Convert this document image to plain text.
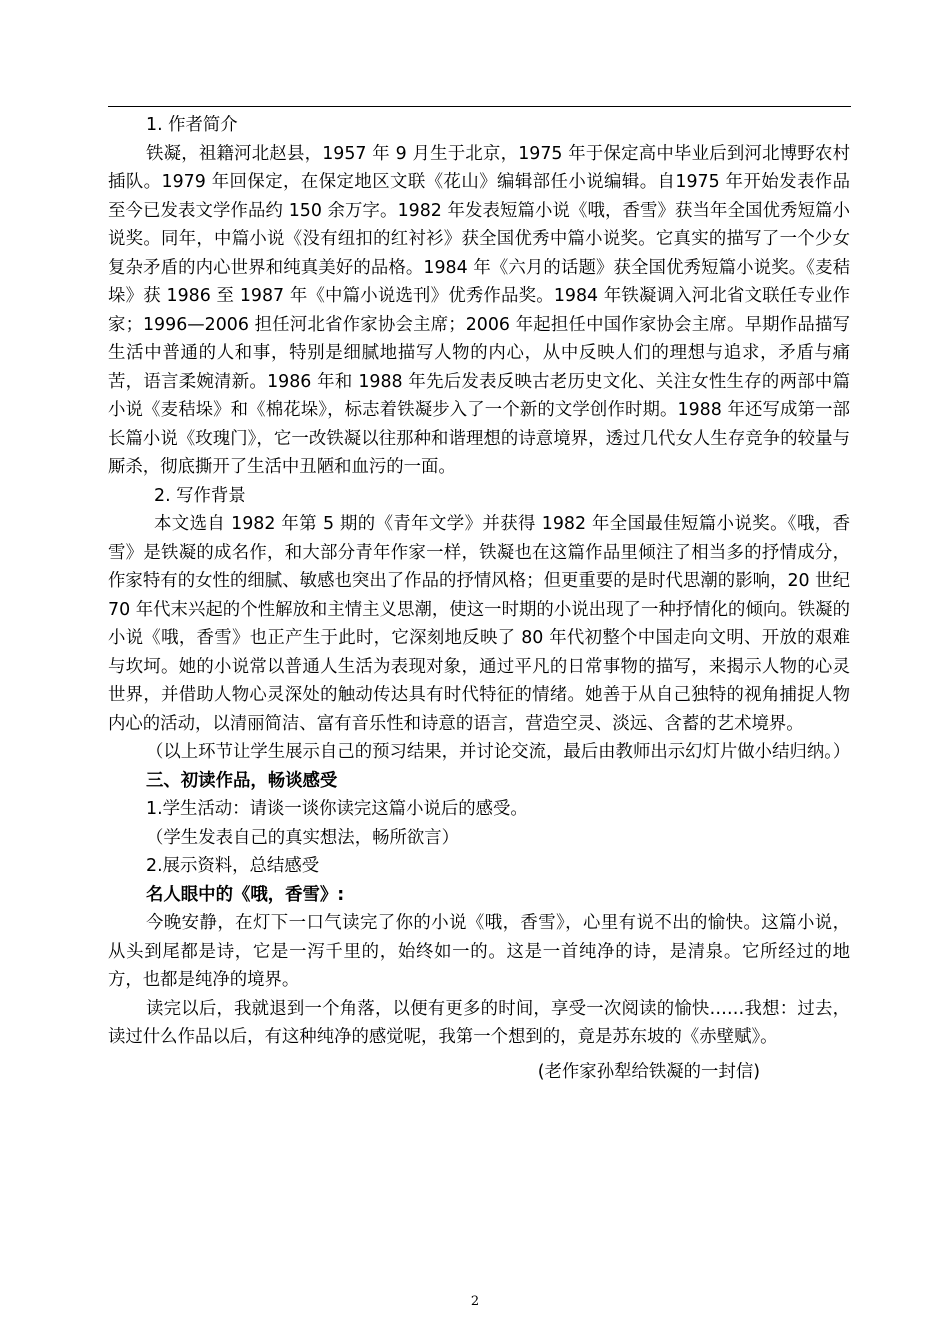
1. 作者简介

铁凝，祖籍河北赵县，1957 年 9 月生于北京，1975 年于保定高中毕业后到河北博野农村插队。1979 年回保定，在保定地区文联《花山》编辑部任小说编辑。自1975 年开始发表作品至今已发表文学作品约 150 余万字。1982 年发表短篇小说《哦，香雪》获当年全国优秀短篇小说奖。同年，中篇小说《没有纽扣的红衬衫》获全国优秀中篇小说奖。它真实的描写了一个少女复杂矛盾的内心世界和纯真美好的品格。1984 年《六月的话题》获全国优秀短篇小说奖。《麦秸垛》获 1986 至 1987 年《中篇小说选刊》优秀作品奖。1984 年铁凝调入河北省文联任专业作家；1996—2006 担任河北省作家协会主席；2006 年起担任中国作家协会主席。早期作品描写生活中普通的人和事，特别是细腻地描写人物的内心，从中反映人们的理想与追求，矛盾与痛苦，语言柔婉清新。1986 年和 1988 年先后发表反映古老历史文化、关注女性生存的两部中篇小说《麦秸垛》和《棉花垛》，标志着铁凝步入了一个新的文学创作时期。1988 年还写成第一部长篇小说《玫瑰门》，它一改铁凝以往那种和谐理想的诗意境界，透过几代女人生存竞争的较量与厮杀，彻底撕开了生活中丑陋和血污的一面。

2. 写作背景

本文选自 1982 年第 5 期的《青年文学》并获得 1982 年全国最佳短篇小说奖。《哦，香雪》是铁凝的成名作，和大部分青年作家一样，铁凝也在这篇作品里倾注了相当多的抒情成分，作家特有的女性的细腻、敏感也突出了作品的抒情风格；但更重要的是时代思潮的影响，20 世纪 70 年代末兴起的个性解放和主情主义思潮，使这一时期的小说出现了一种抒情化的倾向。铁凝的小说《哦，香雪》也正产生于此时，它深刻地反映了 80 年代初整个中国走向文明、开放的艰难与坎坷。她的小说常以普通人生活为表现对象，通过平凡的日常事物的描写，来揭示人物的心灵世界，并借助人物心灵深处的触动传达具有时代特征的情绪。她善于从自己独特的视角捕捉人物内心的活动，以清丽简洁、富有音乐性和诗意的语言，营造空灵、淡远、含蓄的艺术境界。

（以上环节让学生展示自己的预习结果，并讨论交流，最后由教师出示幻灯片做小结归纳。）

三、初读作品，畅谈感受

1.学生活动：请谈一谈你读完这篇小说后的感受。

（学生发表自己的真实想法，畅所欲言）

2.展示资料，总结感受

名人眼中的《哦，香雪》:

今晚安静，在灯下一口气读完了你的小说《哦，香雪》，心里有说不出的愉快。这篇小说，从头到尾都是诗，它是一泻千里的，始终如一的。这是一首纯净的诗，是清泉。它所经过的地方，也都是纯净的境界。

读完以后，我就退到一个角落，以便有更多的时间，享受一次阅读的愉快……我想：过去，读过什么作品以后，有这种纯净的感觉呢，我第一个想到的，竟是苏东坡的《赤壁赋》。

(老作家孙犁给铁凝的一封信)

2
